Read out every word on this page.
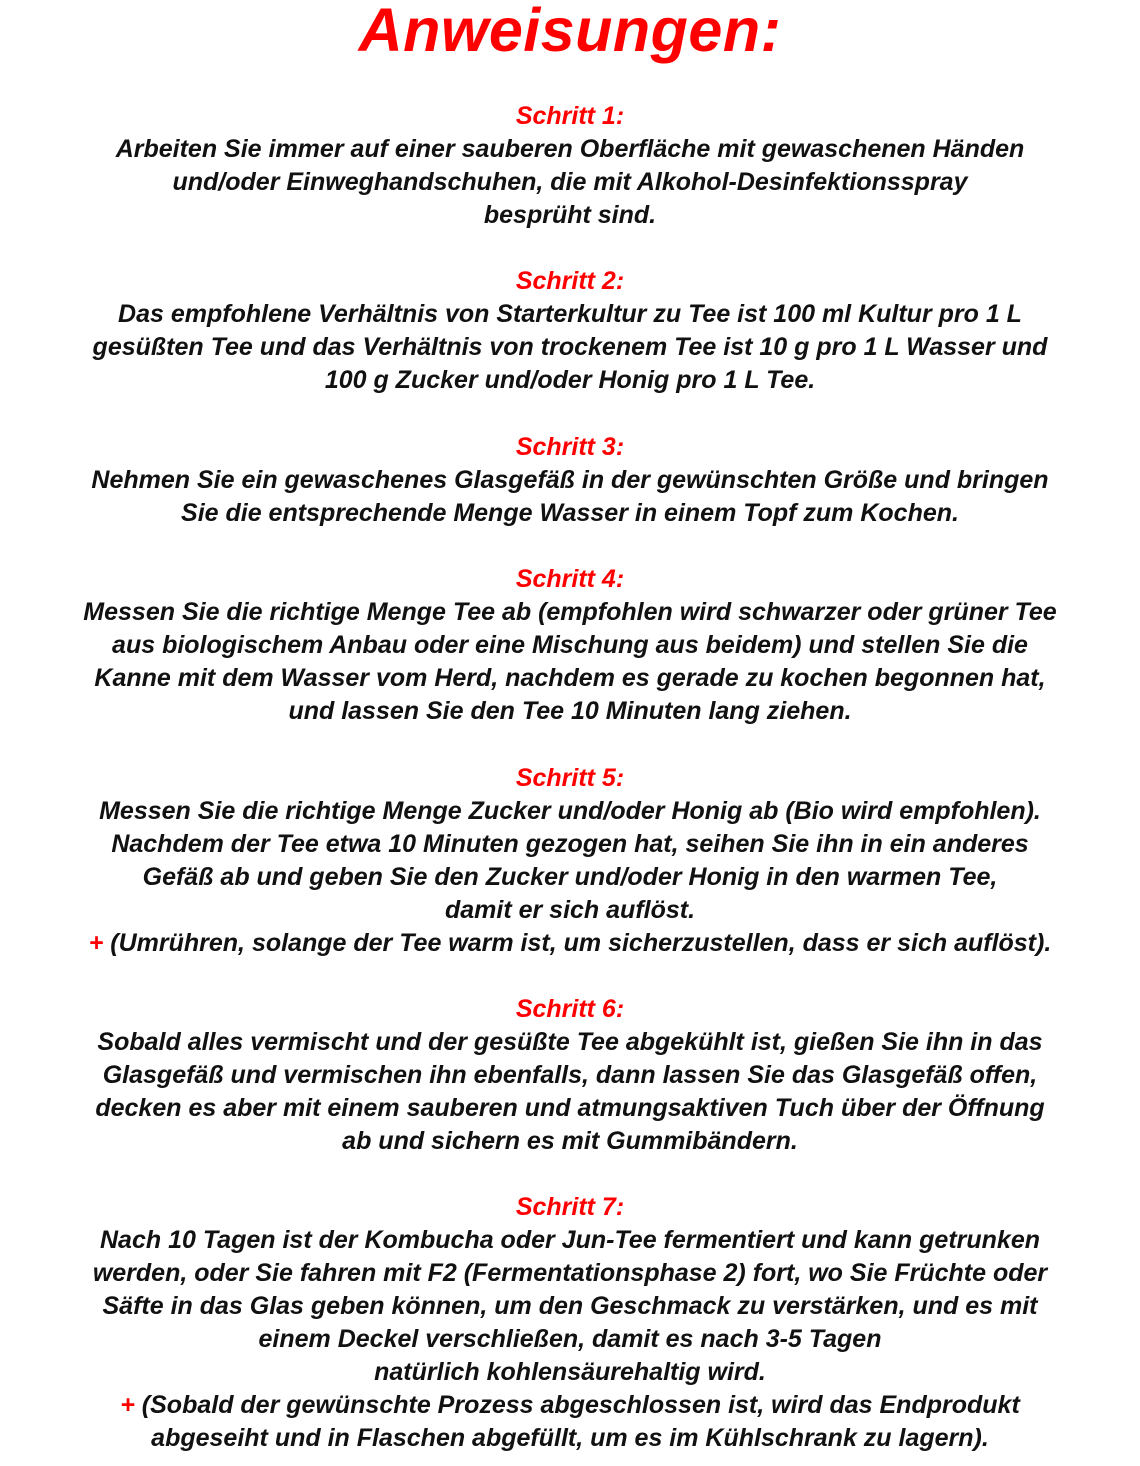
Anweisungen:
Schritt 1:
Arbeiten Sie immer auf einer sauberen Oberfläche mit gewaschenen Händen
und/oder Einweghandschuhen, die mit Alkohol-Desinfektionsspray
besprüht sind.
Schritt 2:
Das empfohlene Verhältnis von Starterkultur zu Tee ist 100 ml Kultur pro 1 L
gesüßten Tee und das Verhältnis von trockenem Tee ist 10 g pro 1 L Wasser und
100 g Zucker und/oder Honig pro 1 L Tee.
Schritt 3:
Nehmen Sie ein gewaschenes Glasgefäß in der gewünschten Größe und bringen
Sie die entsprechende Menge Wasser in einem Topf zum Kochen.
Schritt 4:
Messen Sie die richtige Menge Tee ab (empfohlen wird schwarzer oder grüner Tee
aus biologischem Anbau oder eine Mischung aus beidem) und stellen Sie die
Kanne mit dem Wasser vom Herd, nachdem es gerade zu kochen begonnen hat,
und lassen Sie den Tee 10 Minuten lang ziehen.
Schritt 5:
Messen Sie die richtige Menge Zucker und/oder Honig ab (Bio wird empfohlen).
Nachdem der Tee etwa 10 Minuten gezogen hat, seihen Sie ihn in ein anderes
Gefäß ab und geben Sie den Zucker und/oder Honig in den warmen Tee,
damit er sich auflöst.
+ (Umrühren, solange der Tee warm ist, um sicherzustellen, dass er sich auflöst).
Schritt 6:
Sobald alles vermischt und der gesüßte Tee abgekühlt ist, gießen Sie ihn in das
Glasgefäß und vermischen ihn ebenfalls, dann lassen Sie das Glasgefäß offen,
decken es aber mit einem sauberen und atmungsaktiven Tuch über der Öffnung
ab und sichern es mit Gummibändern.
Schritt 7:
Nach 10 Tagen ist der Kombucha oder Jun-Tee fermentiert und kann getrunken
werden, oder Sie fahren mit F2 (Fermentationsphase 2) fort, wo Sie Früchte oder
Säfte in das Glas geben können, um den Geschmack zu verstärken, und es mit
einem Deckel verschließen, damit es nach 3-5 Tagen
natürlich kohlensäurehaltig wird.
+ (Sobald der gewünschte Prozess abgeschlossen ist, wird das Endprodukt
abgeseiht und in Flaschen abgefüllt, um es im Kühlschrank zu lagern).
